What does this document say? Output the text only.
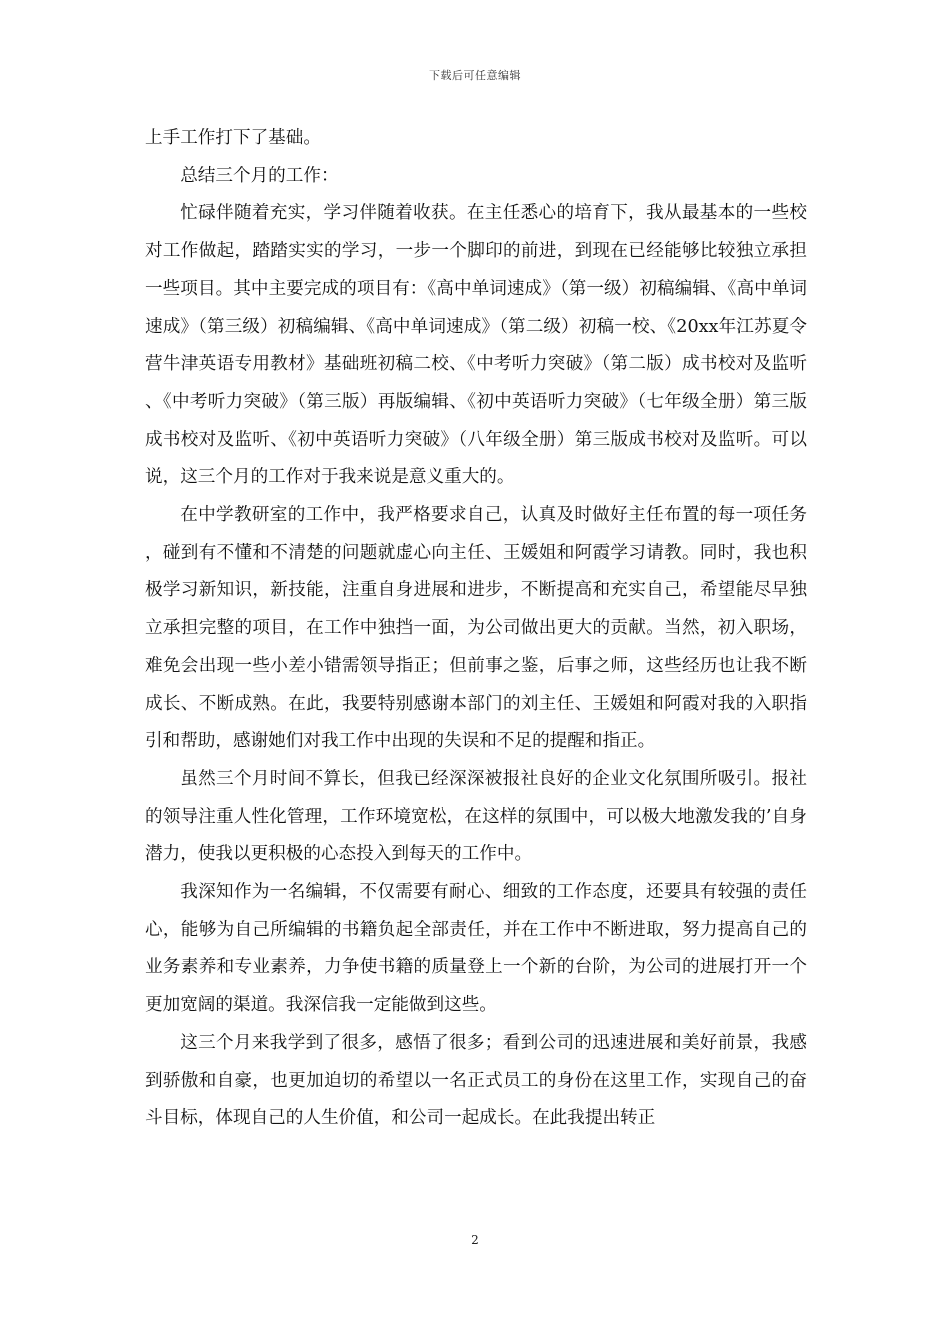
下载后可任意编辑

上手工作打下了基础。

总结三个月的工作：

忙碌伴随着充实，学习伴随着收获。在主任悉心的培育下，我从最基本的一些校对工作做起，踏踏实实的学习，一步一个脚印的前进，到现在已经能够比较独立承担一些项目。其中主要完成的项目有：《高中单词速成》（第一级）初稿编辑、《高中单词速成》（第三级）初稿编辑、《高中单词速成》（第二级）初稿一校、《20xx年江苏夏令营牛津英语专用教材》基础班初稿二校、《中考听力突破》（第二版）成书校对及监听、《中考听力突破》（第三版）再版编辑、《初中英语听力突破》（七年级全册）第三版成书校对及监听、《初中英语听力突破》（八年级全册）第三版成书校对及监听。可以说，这三个月的工作对于我来说是意义重大的。

在中学教研室的工作中，我严格要求自己，认真及时做好主任布置的每一项任务，碰到有不懂和不清楚的问题就虚心向主任、王媛姐和阿霞学习请教。同时，我也积极学习新知识，新技能，注重自身进展和进步，不断提高和充实自己，希望能尽早独立承担完整的项目，在工作中独挡一面，为公司做出更大的贡献。当然，初入职场，难免会出现一些小差小错需领导指正；但前事之鉴，后事之师，这些经历也让我不断成长、不断成熟。在此，我要特别感谢本部门的刘主任、王媛姐和阿霞对我的入职指引和帮助，感谢她们对我工作中出现的失误和不足的提醒和指正。

虽然三个月时间不算长，但我已经深深被报社良好的企业文化氛围所吸引。报社的领导注重人性化管理，工作环境宽松，在这样的氛围中，可以极大地激发我的’自身潜力，使我以更积极的心态投入到每天的工作中。

我深知作为一名编辑，不仅需要有耐心、细致的工作态度，还要具有较强的责任心，能够为自己所编辑的书籍负起全部责任，并在工作中不断进取，努力提高自己的业务素养和专业素养，力争使书籍的质量登上一个新的台阶，为公司的进展打开一个更加宽阔的渠道。我深信我一定能做到这些。

这三个月来我学到了很多，感悟了很多；看到公司的迅速进展和美好前景，我感到骄傲和自豪，也更加迫切的希望以一名正式员工的身份在这里工作，实现自己的奋斗目标，体现自己的人生价值，和公司一起成长。在此我提出转正

2
